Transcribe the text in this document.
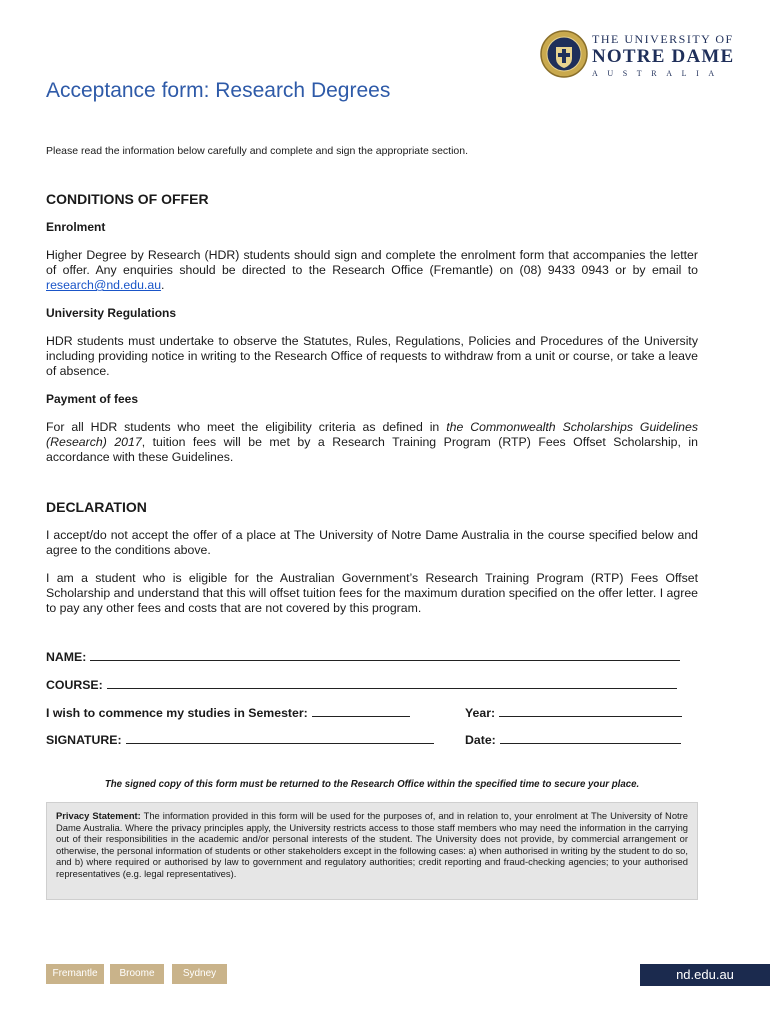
THE UNIVERSITY OF
NOTRE DAME
AUSTRALIA
Acceptance form: Research Degrees
Please read the information below carefully and complete and sign the appropriate section.
CONDITIONS OF OFFER
Enrolment

Higher Degree by Research (HDR) students should sign and complete the enrolment form that accompanies the letter of offer. Any enquiries should be directed to the Research Office (Fremantle) on (08) 9433 0943 or by email to research@nd.edu.au.

University Regulations

HDR students must undertake to observe the Statutes, Rules, Regulations, Policies and Procedures of the University including providing notice in writing to the Research Office of requests to withdraw from a unit or course, or take a leave of absence.

Payment of fees

For all HDR students who meet the eligibility criteria as defined in the Commonwealth Scholarships Guidelines (Research) 2017, tuition fees will be met by a Research Training Program (RTP) Fees Offset Scholarship, in accordance with these Guidelines.

DECLARATION

I accept/do not accept the offer of a place at The University of Notre Dame Australia in the course specified below and agree to the conditions above.

I am a student who is eligible for the Australian Government’s Research Training Program (RTP) Fees Offset Scholarship and understand that this will offset tuition fees for the maximum duration specified on the offer letter. I agree to pay any other fees and costs that are not covered by this program.

NAME:
COURSE:
I wish to commence my studies in Semester:	Year:
SIGNATURE:	Date:
The signed copy of this form must be returned to the Research Office within the specified time to secure your place.
Privacy Statement: The information provided in this form will be used for the purposes of, and in relation to, your enrolment at The University of Notre Dame Australia. Where the privacy principles apply, the University restricts access to those staff members who may need the information in the carrying out of their responsibilities in the academic and/or personal interests of the student. The University does not provide, by commercial arrangement or otherwise, the personal information of students or other stakeholders except in the following cases: a) when authorised in writing by the student to do so, and b) where required or authorised by law to government and regulatory authorities; credit reporting and fraud-checking agencies; to your authorised representatives (e.g. legal representatives).
Fremantle	Broome	Sydney	nd.edu.au
